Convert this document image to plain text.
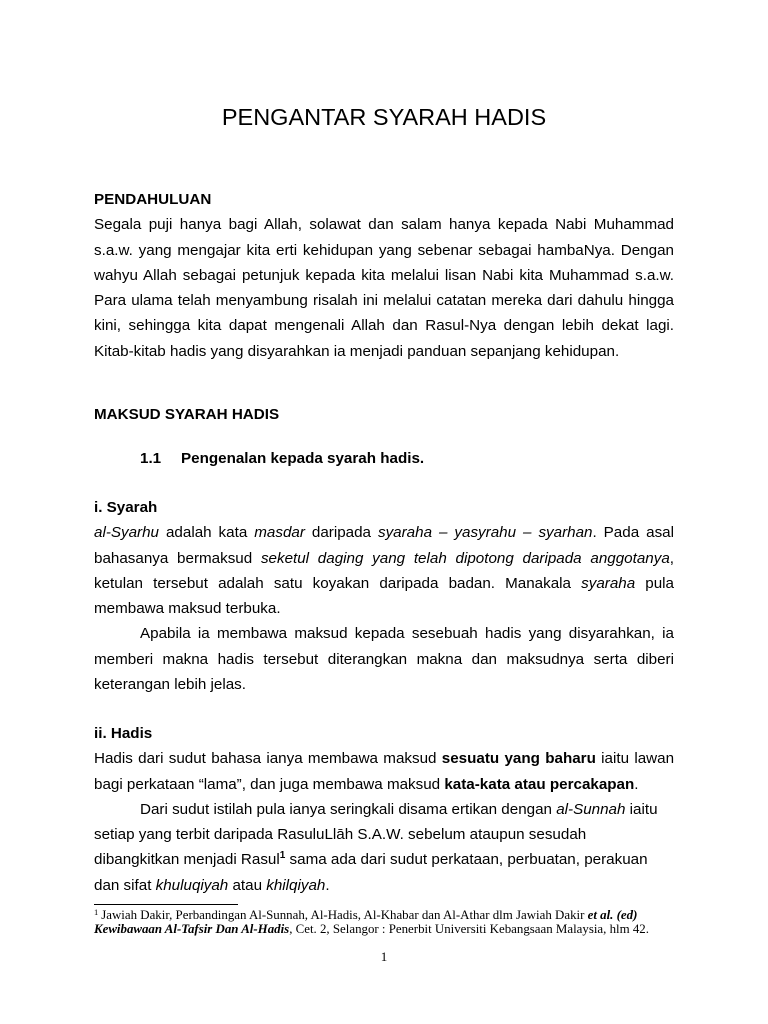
PENGANTAR SYARAH HADIS
PENDAHULUAN
Segala puji hanya bagi Allah, solawat dan salam hanya kepada Nabi Muhammad
s.a.w. yang mengajar kita erti kehidupan yang sebenar sebagai hambaNya. Dengan
wahyu Allah sebagai petunjuk kepada kita melalui lisan Nabi kita Muhammad s.a.w.
Para ulama telah menyambung risalah ini melalui catatan mereka dari dahulu hingga
kini, sehingga kita dapat mengenali Allah dan Rasul-Nya dengan lebih dekat lagi.
Kitab-kitab hadis yang disyarahkan ia menjadi panduan sepanjang kehidupan.
MAKSUD SYARAH HADIS
1.1 Pengenalan kepada syarah hadis.
i. Syarah
al-Syarhu adalah kata masdar daripada syaraha – yasyrahu – syarhan. Pada asal
bahasanya bermaksud seketul daging yang telah dipotong daripada anggotanya,
ketulan tersebut adalah satu koyakan daripada badan. Manakala syaraha pula
membawa maksud terbuka.
Apabila ia membawa maksud kepada sesebuah hadis yang disyarahkan, ia
memberi makna hadis tersebut diterangkan makna dan maksudnya serta diberi
keterangan lebih jelas.
ii. Hadis
Hadis dari sudut bahasa ianya membawa maksud sesuatu yang baharu iaitu lawan
bagi perkataan “lama”, dan juga membawa maksud kata-kata atau percakapan.
Dari sudut istilah pula ianya seringkali disama ertikan dengan al-Sunnah iaitu
setiap yang terbit daripada RasuluLlāh S.A.W. sebelum ataupun sesudah
dibangkitkan menjadi Rasul$^1$ sama ada dari sudut perkataan, perbuatan, perakuan
dan sifat khuluqiyah atau khilqiyah.
$^1$ Jawiah Dakir, Perbandingan Al-Sunnah, Al-Hadis, Al-Khabar dan Al-Athar dlm Jawiah Dakir et al. (ed)
Kewibawaan Al-Tafsir Dan Al-Hadis, Cet. 2, Selangor : Penerbit Universiti Kebangsaan Malaysia, hlm 42.
1
